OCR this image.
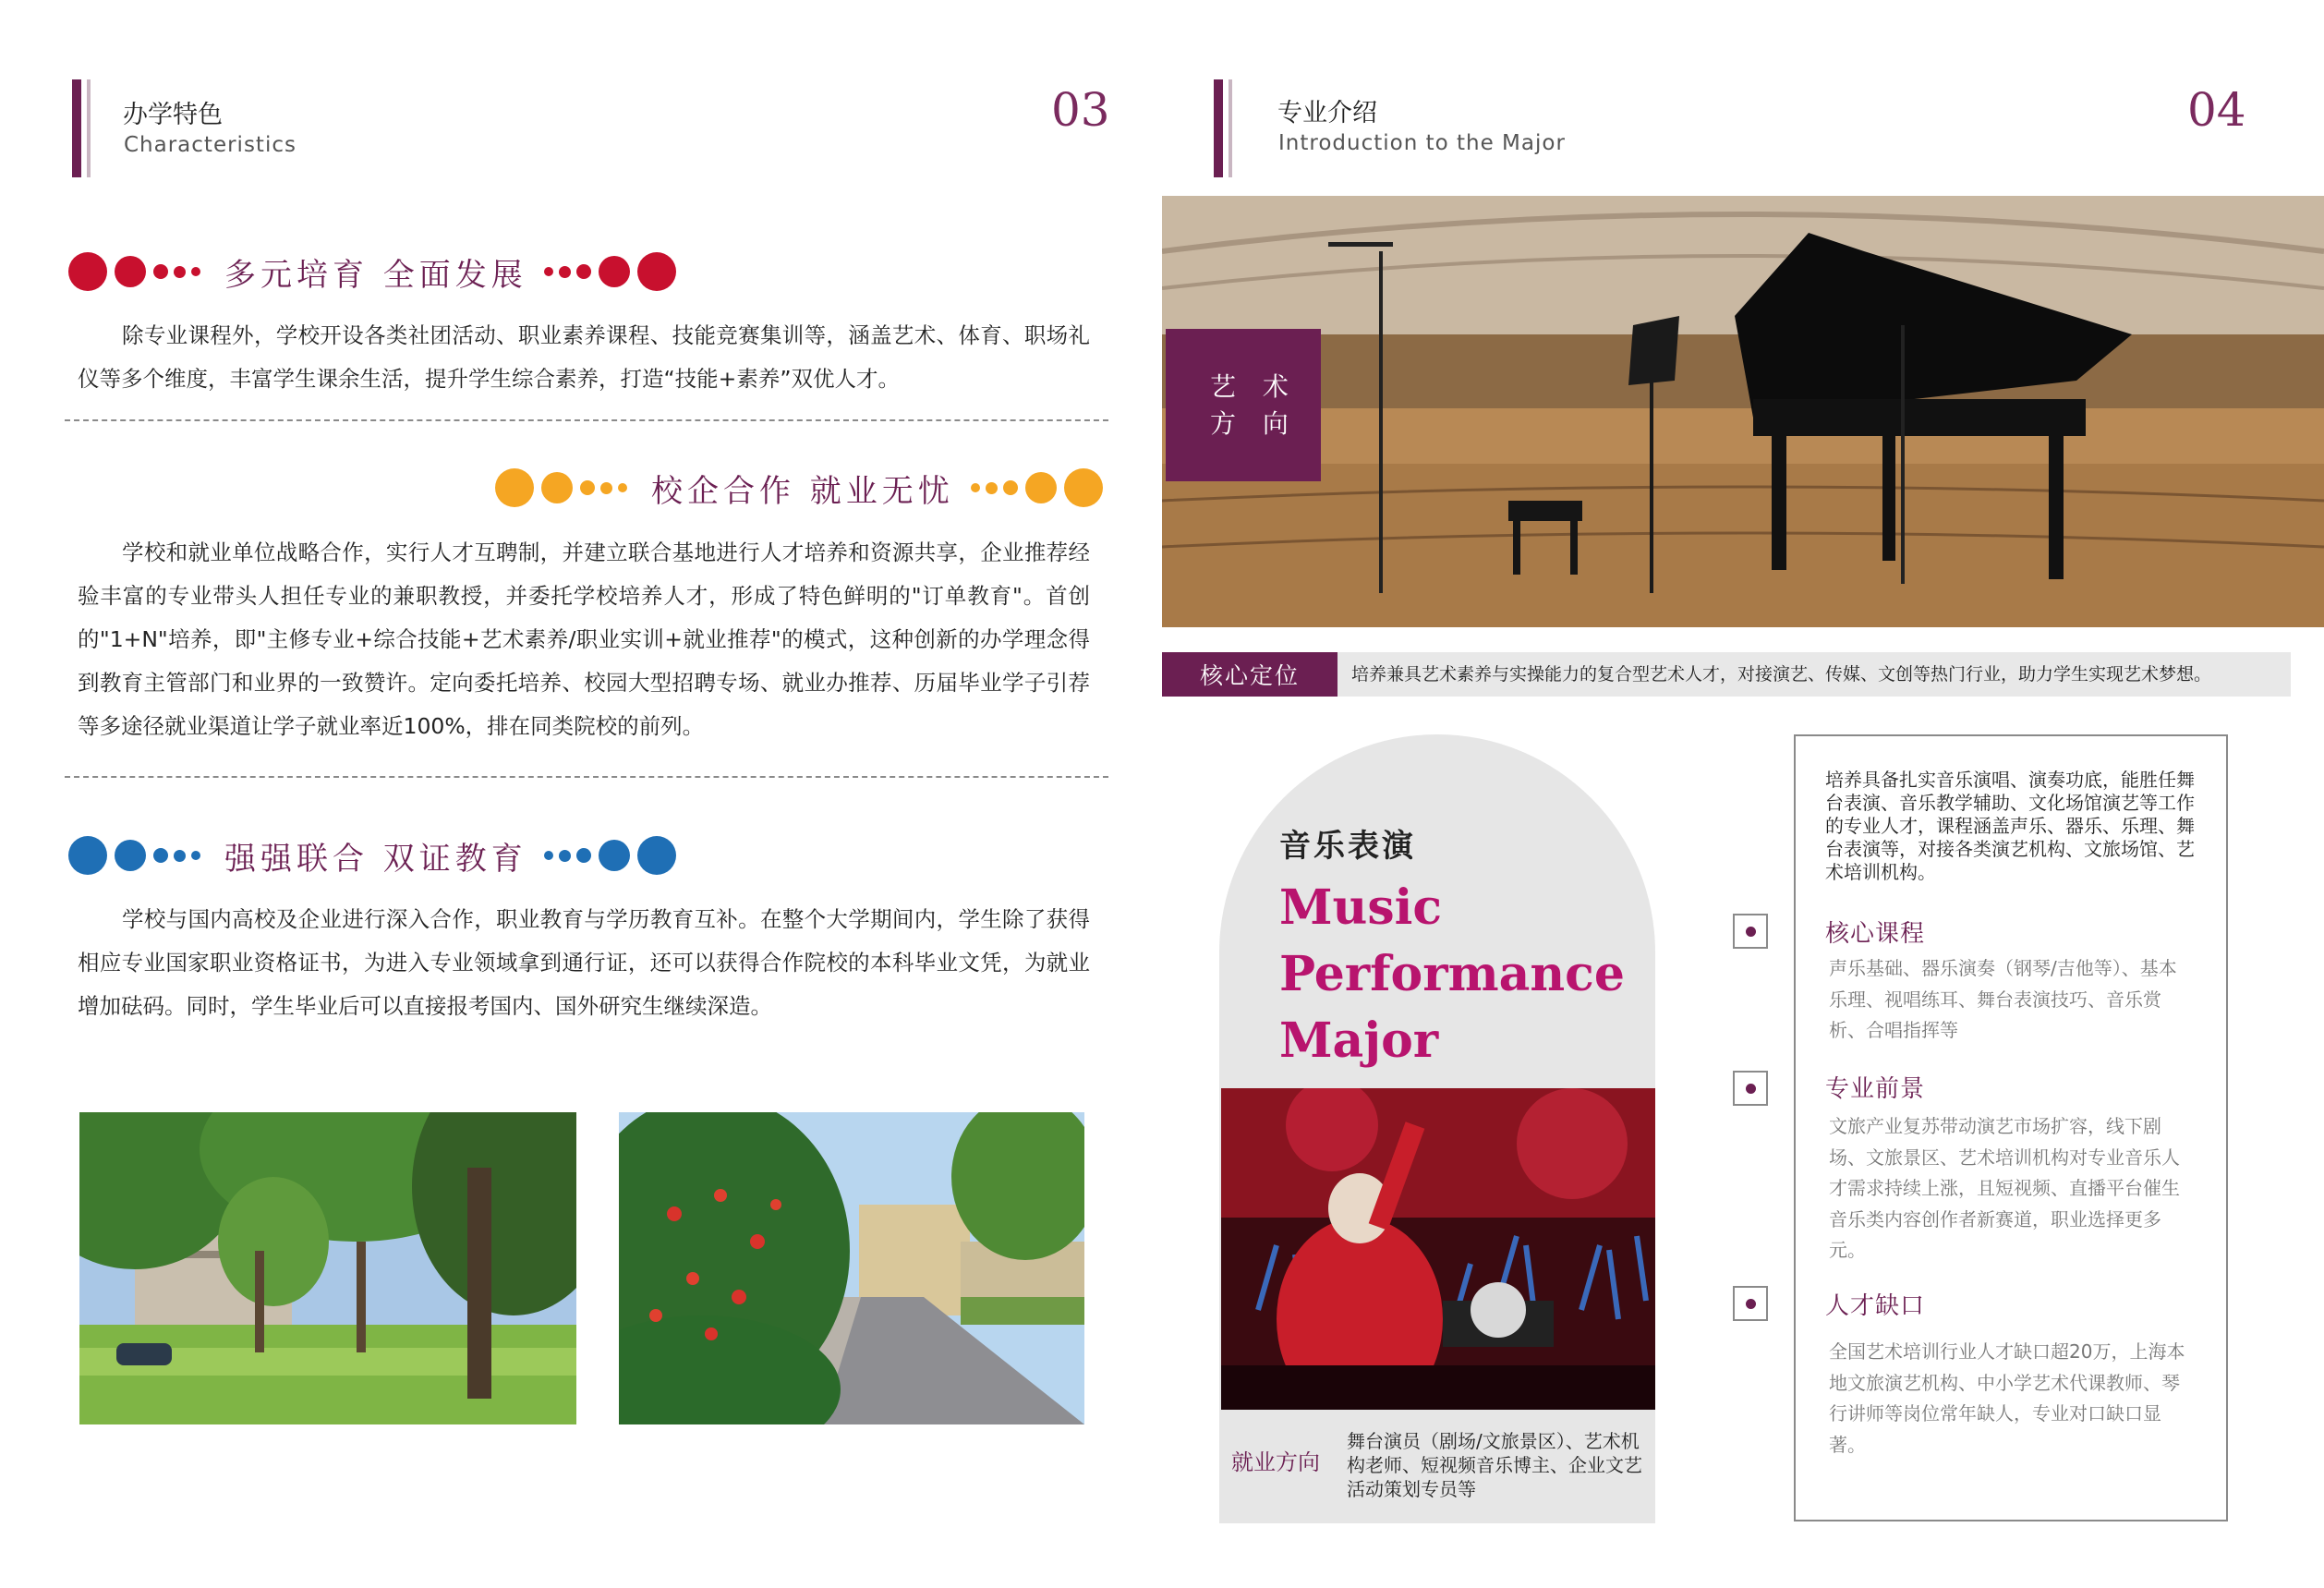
办学特色
Characteristics
03
多元培育 全面发展
除专业课程外，学校开设各类社团活动、职业素养课程、技能竞赛集训等，涵盖艺术、体育、职场礼仪等多个维度，丰富学生课余生活，提升学生综合素养，打造“技能+素养”双优人才。
校企合作 就业无忧
学校和就业单位战略合作，实行人才互聘制，并建立联合基地进行人才培养和资源共享，企业推荐经验丰富的专业带头人担任专业的兼职教授，并委托学校培养人才，形成了特色鲜明的"订单教育"。首创的"1+N"培养，即"主修专业+综合技能+艺术素养/职业实训+就业推荐"的模式，这种创新的办学理念得到教育主管部门和业界的一致赞许。定向委托培养、校园大型招聘专场、就业办推荐、历届毕业学子引荐等多途径就业渠道让学子就业率近100%，排在同类院校的前列。
强强联合 双证教育
学校与国内高校及企业进行深入合作，职业教育与学历教育互补。在整个大学期间内，学生除了获得相应专业国家职业资格证书，为进入专业领域拿到通行证，还可以获得合作院校的本科毕业文凭，为就业增加砝码。同时，学生毕业后可以直接报考国内、国外研究生继续深造。
专业介绍
Introduction to the Major
04
艺 术
方 向
核心定位	培养兼具艺术素养与实操能力的复合型艺术人才，对接演艺、传媒、文创等热门行业，助力学生实现艺术梦想。
音乐表演
Music
Performance
Major
就业方向
舞台演员（剧场/文旅景区）、艺术机构老师、短视频音乐博主、企业文艺活动策划专员等
培养具备扎实音乐演唱、演奏功底，能胜任舞台表演、音乐教学辅助、文化场馆演艺等工作的专业人才，课程涵盖声乐、器乐、乐理、舞台表演等，对接各类演艺机构、文旅场馆、艺术培训机构。
核心课程
声乐基础、器乐演奏（钢琴/吉他等）、基本乐理、视唱练耳、舞台表演技巧、音乐赏析、合唱指挥等
专业前景
文旅产业复苏带动演艺市场扩容，线下剧场、文旅景区、艺术培训机构对专业音乐人才需求持续上涨，且短视频、直播平台催生音乐类内容创作者新赛道，职业选择更多元。
人才缺口
全国艺术培训行业人才缺口超20万，上海本地文旅演艺机构、中小学艺术代课教师、琴行讲师等岗位常年缺人，专业对口缺口显著。
